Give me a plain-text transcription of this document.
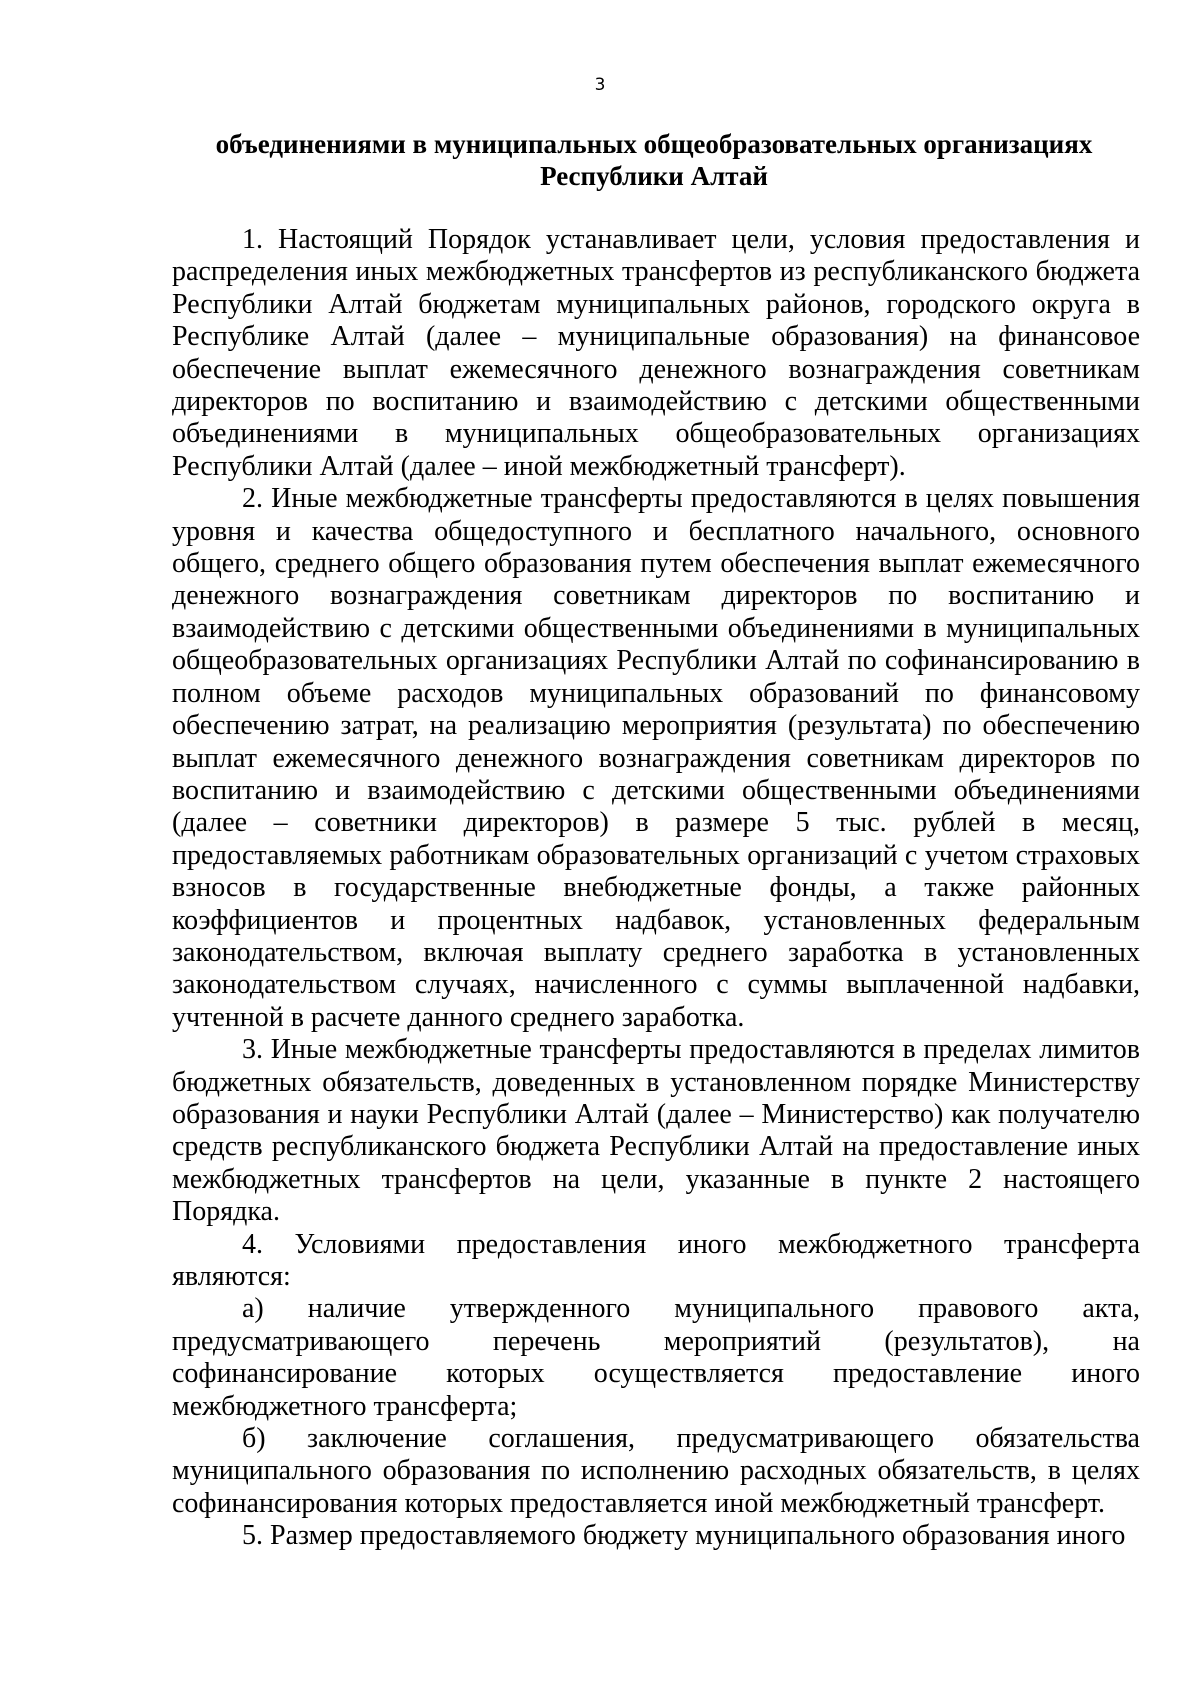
3
объединениями в муниципальных общеобразовательных организациях
Республики Алтай

1. Настоящий Порядок устанавливает цели, условия предоставления и распределения иных межбюджетных трансфертов из республиканского бюджета Республики Алтай бюджетам муниципальных районов, городского округа в Республике Алтай (далее – муниципальные образования) на финансовое обеспечение выплат ежемесячного денежного вознаграждения советникам директоров по воспитанию и взаимодействию с детскими общественными объединениями в муниципальных общеобразовательных организациях Республики Алтай (далее – иной межбюджетный трансферт).

2. Иные межбюджетные трансферты предоставляются в целях повышения уровня и качества общедоступного и бесплатного начального, основного общего, среднего общего образования путем обеспечения выплат ежемесячного денежного вознаграждения советникам директоров по воспитанию и взаимодействию с детскими общественными объединениями в муниципальных общеобразовательных организациях Республики Алтай по софинансированию в полном объеме расходов муниципальных образований по финансовому обеспечению затрат, на реализацию мероприятия (результата) по обеспечению выплат ежемесячного денежного вознаграждения советникам директоров по воспитанию и взаимодействию с детскими общественными объединениями (далее – советники директоров) в размере 5 тыс. рублей в месяц, предоставляемых работникам образовательных организаций с учетом страховых взносов в государственные внебюджетные фонды, а также районных коэффициентов и процентных надбавок, установленных федеральным законодательством, включая выплату среднего заработка в установленных законодательством случаях, начисленного с суммы выплаченной надбавки, учтенной в расчете данного среднего заработка.

3. Иные межбюджетные трансферты предоставляются в пределах лимитов бюджетных обязательств, доведенных в установленном порядке Министерству образования и науки Республики Алтай (далее – Министерство) как получателю средств республиканского бюджета Республики Алтай на предоставление иных межбюджетных трансфертов на цели, указанные в пункте 2 настоящего Порядка.

4. Условиями предоставления иного межбюджетного трансферта являются:

а) наличие утвержденного муниципального правового акта, предусматривающего перечень мероприятий (результатов), на софинансирование которых осуществляется предоставление иного межбюджетного трансферта;

б) заключение соглашения, предусматривающего обязательства муниципального образования по исполнению расходных обязательств, в целях софинансирования которых предоставляется иной межбюджетный трансферт.

5. Размер предоставляемого бюджету муниципального образования иного
